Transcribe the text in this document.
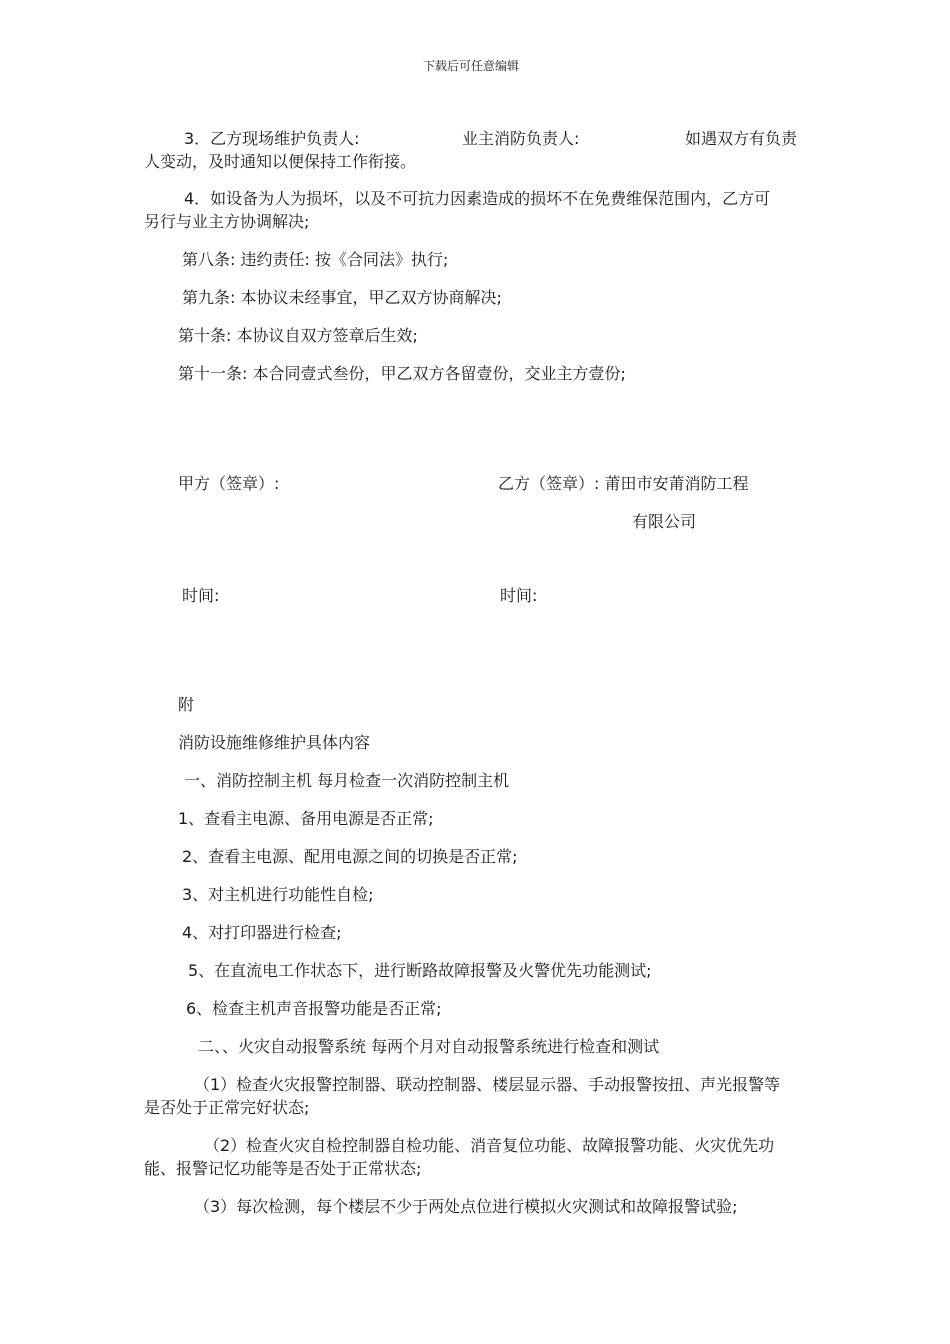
下载后可任意编辑
3．乙方现场维护负责人:	业主消防负责人:	如遇双方有负责
人变动，及时通知以便保持工作衔接。
4．如设备为人为损坏，以及不可抗力因素造成的损坏不在免费维保范围内，乙方可
另行与业主方协调解决;
第八条: 违约责任: 按《合同法》执行;
第九条: 本协议未经事宜，甲乙双方协商解决;
第十条: 本协议自双方签章后生效;
第十一条: 本合同壹式叁份，甲乙双方各留壹份，交业主方壹份;
甲方（签章）:	乙方（签章）: 莆田市安莆消防工程
有限公司
时间:	时间:
附
消防设施维修维护具体内容
一、消防控制主机 每月检查一次消防控制主机
1、查看主电源、备用电源是否正常;
2、查看主电源、配用电源之间的切换是否正常;
3、对主机进行功能性自检;
4、对打印器进行检查;
5、在直流电工作状态下，进行断路故障报警及火警优先功能测试;
6、检查主机声音报警功能是否正常;
二、、火灾自动报警系统 每两个月对自动报警系统进行检查和测试
（1）检查火灾报警控制器、联动控制器、楼层显示器、手动报警按扭、声光报警等
是否处于正常完好状态;
（2）检查火灾自检控制器自检功能、消音复位功能、故障报警功能、火灾优先功
能、报警记忆功能等是否处于正常状态;
（3）每次检测，每个楼层不少于两处点位进行模拟火灾测试和故障报警试验;
